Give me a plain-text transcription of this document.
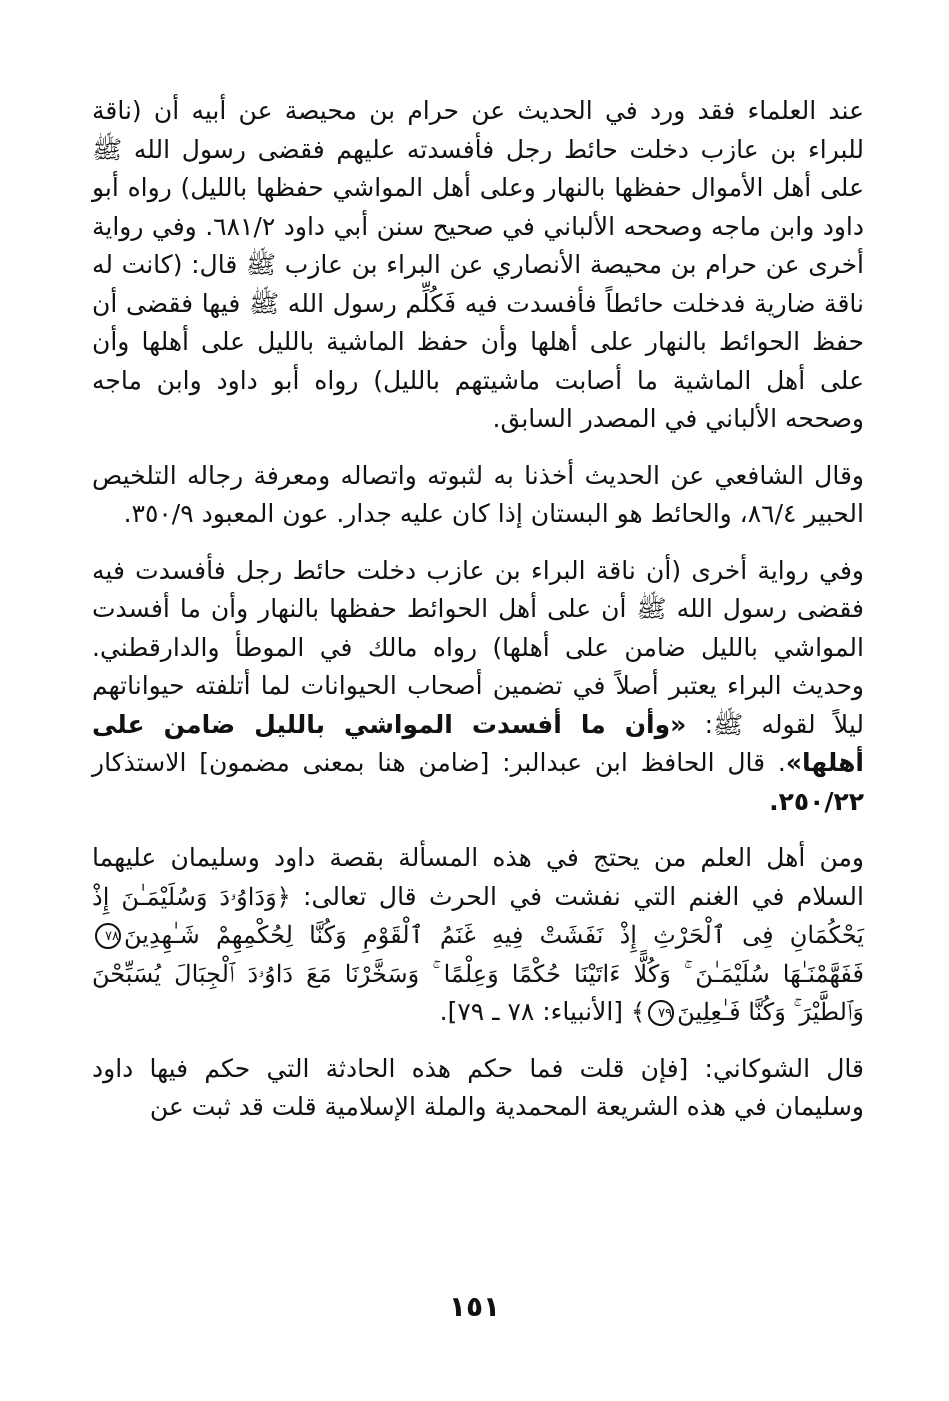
عند العلماء فقد ورد في الحديث عن حرام بن محيصة عن أبيه أن (ناقة للبراء بن عازب دخلت حائط رجل فأفسدته عليهم فقضى رسول الله ﷺ على أهل الأموال حفظها بالنهار وعلى أهل المواشي حفظها بالليل) رواه أبو داود وابن ماجه وصححه الألباني في صحيح سنن أبي داود ٦٨١/٢. وفي رواية أخرى عن حرام بن محيصة الأنصاري عن البراء بن عازب ﷺ قال: (كانت له ناقة ضارية فدخلت حائطاً فأفسدت فيه فَكُلِّم رسول الله ﷺ فيها فقضى أن حفظ الحوائط بالنهار على أهلها وأن حفظ الماشية بالليل على أهلها وأن على أهل الماشية ما أصابت ماشيتهم بالليل) رواه أبو داود وابن ماجه وصححه الألباني في المصدر السابق.

وقال الشافعي عن الحديث أخذنا به لثبوته واتصاله ومعرفة رجاله التلخيص الحبير ٨٦/٤، والحائط هو البستان إذا كان عليه جدار. عون المعبود ٣٥٠/٩.

وفي رواية أخرى (أن ناقة البراء بن عازب دخلت حائط رجل فأفسدت فيه فقضى رسول الله ﷺ أن على أهل الحوائط حفظها بالنهار وأن ما أفسدت المواشي بالليل ضامن على أهلها) رواه مالك في الموطأ والدارقطني. وحديث البراء يعتبر أصلاً في تضمين أصحاب الحيوانات لما أتلفته حيواناتهم ليلاً لقوله ﷺ: «وأن ما أفسدت المواشي بالليل ضامن على أهلها». قال الحافظ ابن عبدالبر: [ضامن هنا بمعنى مضمون] الاستذكار ٢٥٠/٢٢.

ومن أهل العلم من يحتج في هذه المسألة بقصة داود وسليمان عليهما السلام في الغنم التي نفشت في الحرث قال تعالى: ﴿وَدَاوُۥدَ وَسُلَيْمَـٰنَ إِذْ يَحْكُمَانِ فِى ٱلْحَرْثِ إِذْ نَفَشَتْ فِيهِ غَنَمُ ٱلْقَوْمِ وَكُنَّا لِحُكْمِهِمْ شَـٰهِدِينَ٧٨ فَفَهَّمْنَـٰهَا سُلَيْمَـٰنَ ۚ وَكُلًّا ءَاتَيْنَا حُكْمًا وَعِلْمًا ۚ وَسَخَّرْنَا مَعَ دَاوُۥدَ ٱلْجِبَالَ يُسَبِّحْنَ وَٱلطَّيْرَ ۚ وَكُنَّا فَـٰعِلِينَ٧٩﴾ [الأنبياء: ٧٨ ـ ٧٩].

قال الشوكاني: [فإن قلت فما حكم هذه الحادثة التي حكم فيها داود وسليمان في هذه الشريعة المحمدية والملة الإسلامية قلت قد ثبت عن

١٥١
